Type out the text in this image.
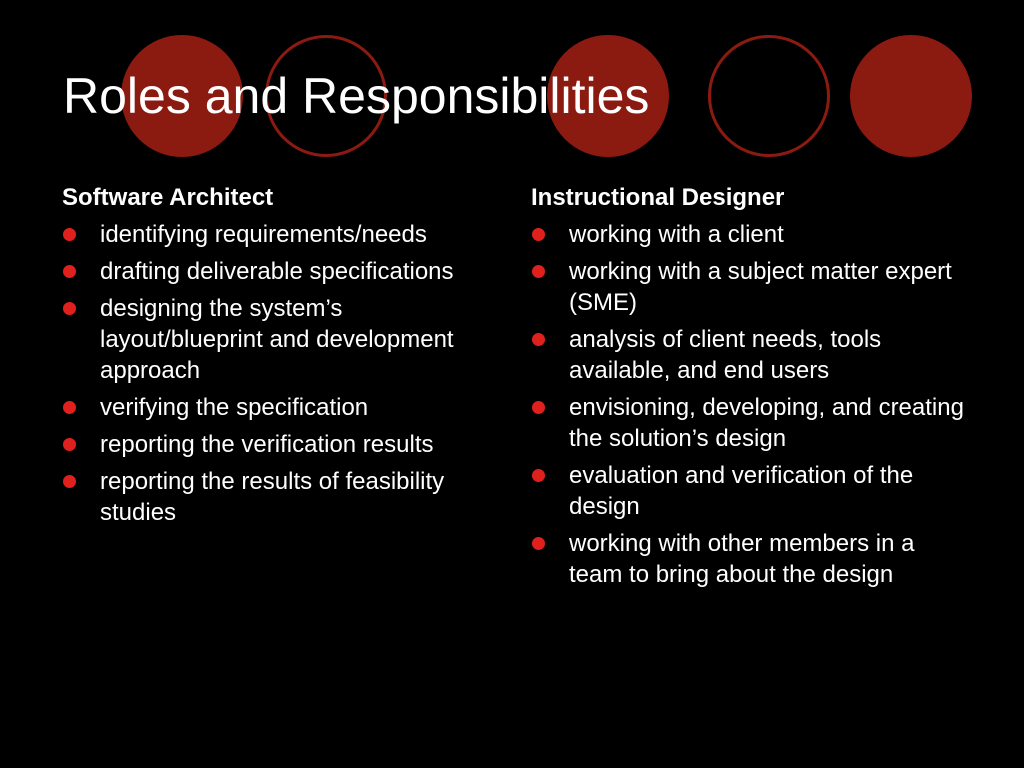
Roles and Responsibilities
Software Architect
identifying requirements/needs
drafting deliverable specifications
designing the system’s layout/blueprint and development approach
verifying the specification
reporting the verification results
reporting the results of feasibility studies
Instructional Designer
working with a client
working with a subject matter expert (SME)
analysis of client needs, tools available, and end users
envisioning, developing, and creating the solution’s design
evaluation and verification of the design
working with other members in a team to bring about the design
